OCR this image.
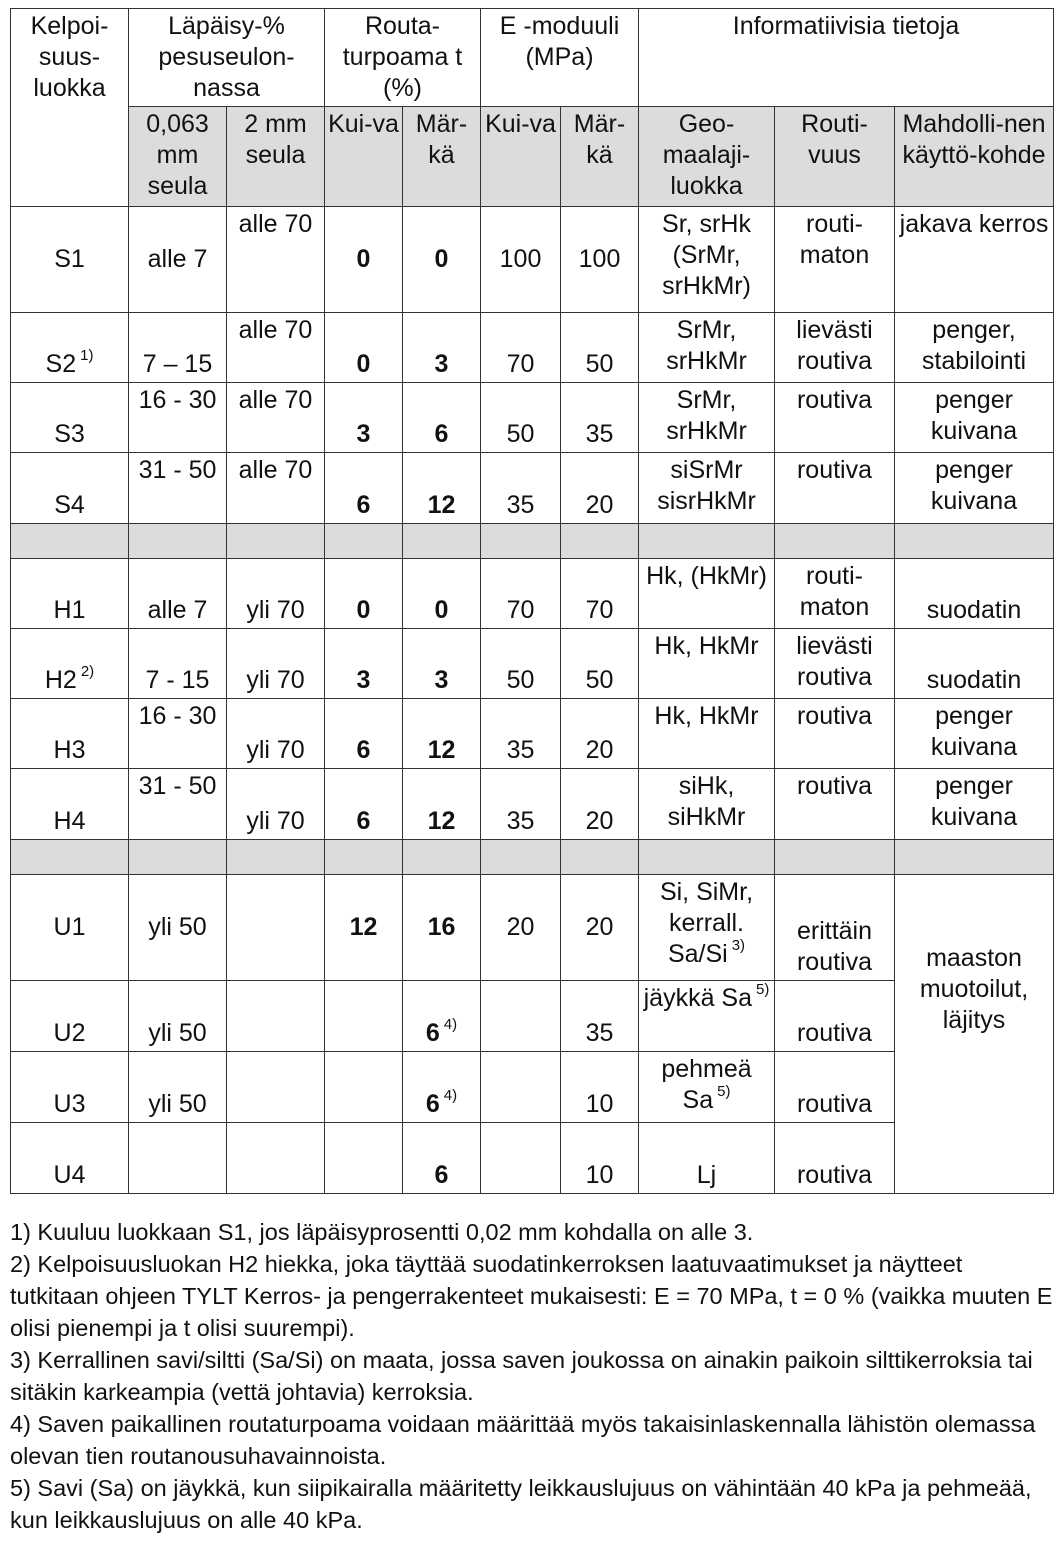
Kelpoi-suus-luokka	Läpäisy-% pesuseulon-nassa		Routa-turpoama t (%)		E -moduuli (MPa)		Informatiivisia tietoja		
	0,063 mm seula	2 mm seula	Kui-va	Mär-kä	Kui-va	Mär-kä	Geo-maalaji-luokka	Routi-vuus	Mahdolli-nen käyttö-kohde
S1	alle 7	alle 70	0	0	100	100	Sr, srHk (SrMr, srHkMr)	routi-maton	jakava kerros
S2 $^{1)}$	7 – 15	alle 70	0	3	70	50	SrMr, srHkMr	lievästi routiva	penger, stabilointi
S3	16 - 30	alle 70	3	6	50	35	SrMr, srHkMr	routiva	penger kuivana
S4	31 - 50	alle 70	6	12	35	20	siSrMr sisrHkMr	routiva	penger kuivana

H1	alle 7	yli 70	0	0	70	70	Hk, (HkMr)	routi-maton	suodatin
H2 $^{2)}$	7 - 15	yli 70	3	3	50	50	Hk, HkMr	lievästi routiva	suodatin
H3	16 - 30	yli 70	6	12	35	20	Hk, HkMr	routiva	penger kuivana
H4	31 - 50	yli 70	6	12	35	20	siHk, siHkMr	routiva	penger kuivana

U1	yli 50		12	16	20	20	Si, SiMr, kerrall. Sa/Si $^{3)}$	erittäin routiva	maaston muotoilut, läjitys
U2	yli 50			6 $^{4)}$		35	jäykkä Sa $^{5)}$	routiva	
U3	yli 50			6 $^{4)}$		10	pehmeä Sa $^{5)}$	routiva	
U4				6		10	Lj	routiva	

1) Kuuluu luokkaan S1, jos läpäisyprosentti 0,02 mm kohdalla on alle 3.

2) Kelpoisuusluokan H2 hiekka, joka täyttää suodatinkerroksen laatuvaatimukset ja näytteet tutkitaan ohjeen TYLT Kerros- ja pengerrakenteet mukaisesti: E = 70 MPa, t = 0 % (vaikka muuten E olisi pienempi ja t olisi suurempi).

3) Kerrallinen savi/siltti (Sa/Si) on maata, jossa saven joukossa on ainakin paikoin silttikerroksia tai sitäkin karkeampia (vettä johtavia) kerroksia.

4) Saven paikallinen routaturpoama voidaan määrittää myös takaisinlaskennalla lähistön olemassa olevan tien routanousuhavainnoista.

5) Savi (Sa) on jäykkä, kun siipikairalla määritetty leikkauslujuus on vähintään 40 kPa ja pehmeää, kun leikkauslujuus on alle 40 kPa.
